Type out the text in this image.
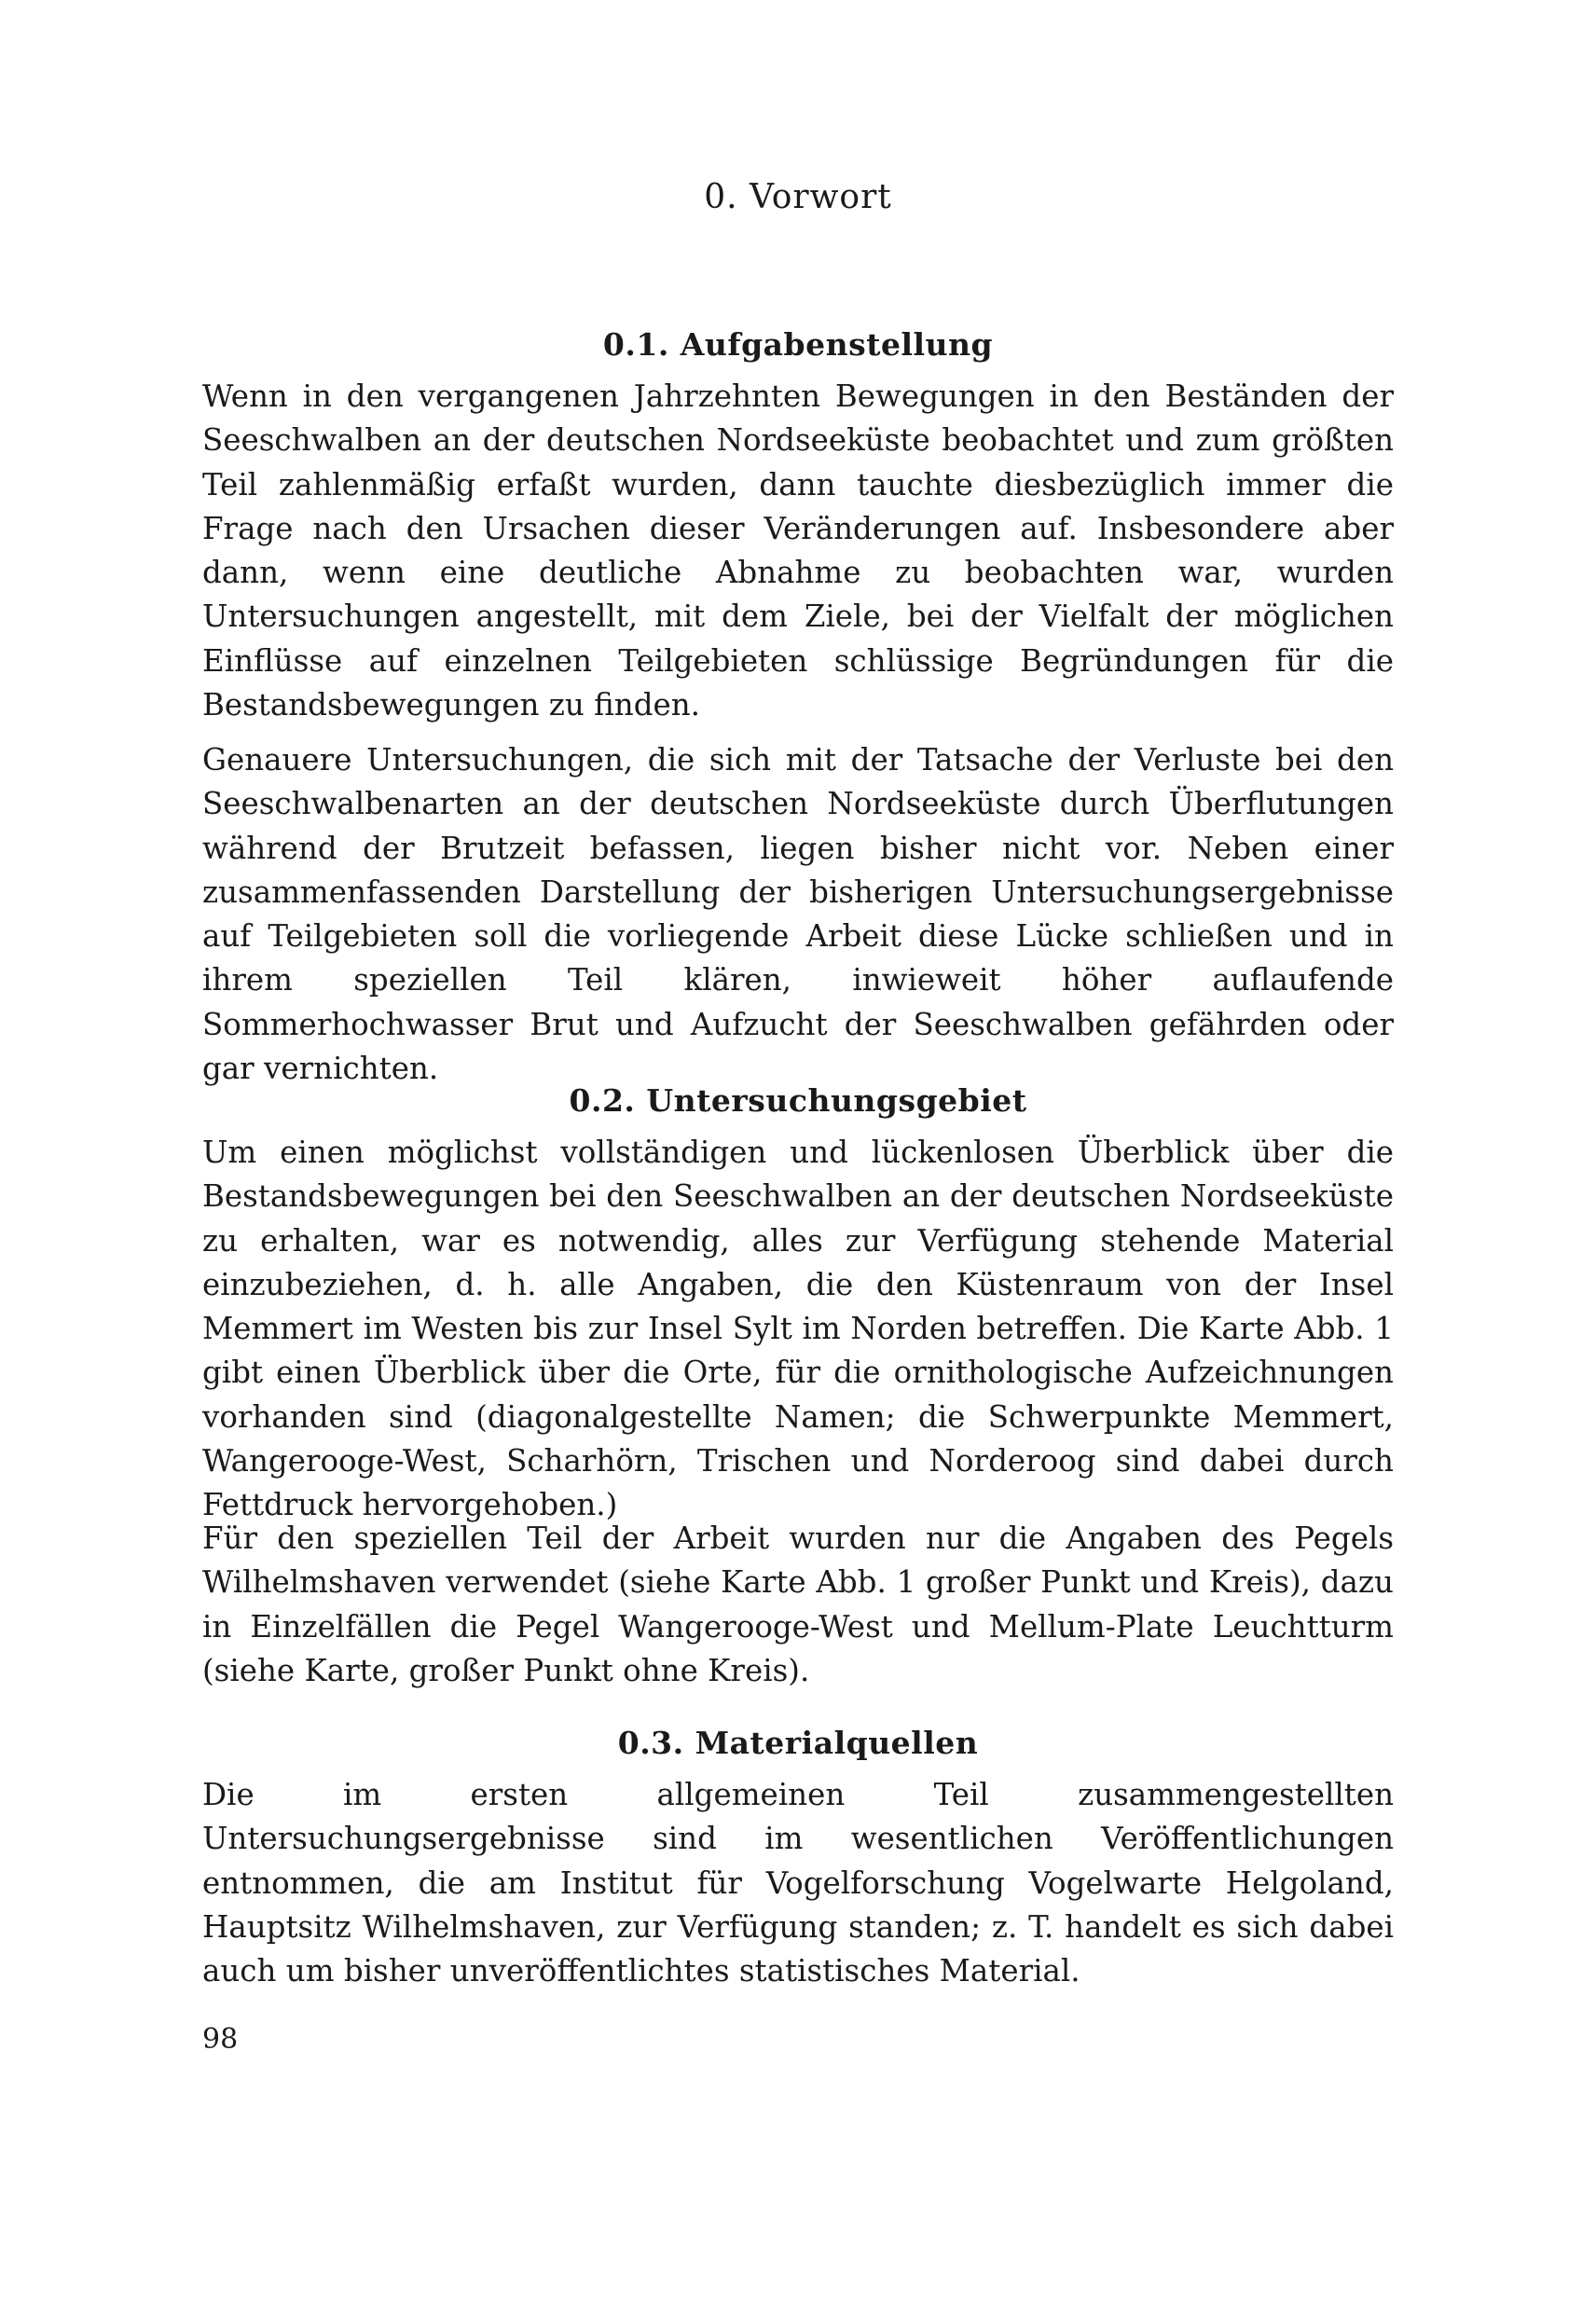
0. Vorwort
0.1. Aufgabenstellung

Wenn in den vergangenen Jahrzehnten Bewegungen in den Beständen der Seeschwalben an der deutschen Nordseeküste beobachtet und zum größten Teil zahlenmäßig erfaßt wurden, dann tauchte diesbezüglich immer die Frage nach den Ursachen dieser Veränderungen auf. Insbesondere aber dann, wenn eine deutliche Abnahme zu beobachten war, wurden Untersuchungen angestellt, mit dem Ziele, bei der Vielfalt der möglichen Einflüsse auf einzelnen Teilgebieten schlüssige Begründungen für die Bestandsbewegungen zu finden.

Genauere Untersuchungen, die sich mit der Tatsache der Verluste bei den Seeschwalbenarten an der deutschen Nordseeküste durch Überflutungen während der Brutzeit befassen, liegen bisher nicht vor. Neben einer zusammenfassenden Darstellung der bisherigen Untersuchungsergebnisse auf Teilgebieten soll die vorliegende Arbeit diese Lücke schließen und in ihrem speziellen Teil klären, inwieweit höher auflaufende Sommerhochwasser Brut und Aufzucht der Seeschwalben gefährden oder gar vernichten.

0.2. Untersuchungsgebiet

Um einen möglichst vollständigen und lückenlosen Überblick über die Bestandsbewegungen bei den Seeschwalben an der deutschen Nordseeküste zu erhalten, war es notwendig, alles zur Verfügung stehende Material einzubeziehen, d. h. alle Angaben, die den Küstenraum von der Insel Memmert im Westen bis zur Insel Sylt im Norden betreffen. Die Karte Abb. 1 gibt einen Überblick über die Orte, für die ornithologische Aufzeichnungen vorhanden sind (diagonalgestellte Namen; die Schwerpunkte Memmert, Wangerooge-West, Scharhörn, Trischen und Norderoog sind dabei durch Fettdruck hervorgehoben.)

Für den speziellen Teil der Arbeit wurden nur die Angaben des Pegels Wilhelmshaven verwendet (siehe Karte Abb. 1 großer Punkt und Kreis), dazu in Einzelfällen die Pegel Wangerooge-West und Mellum-Plate Leuchtturm (siehe Karte, großer Punkt ohne Kreis).

0.3. Materialquellen

Die im ersten allgemeinen Teil zusammengestellten Untersuchungsergebnisse sind im wesentlichen Veröffentlichungen entnommen, die am Institut für Vogelforschung Vogelwarte Helgoland, Hauptsitz Wilhelmshaven, zur Verfügung standen; z. T. handelt es sich dabei auch um bisher unveröffentlichtes statistisches Material.

98
